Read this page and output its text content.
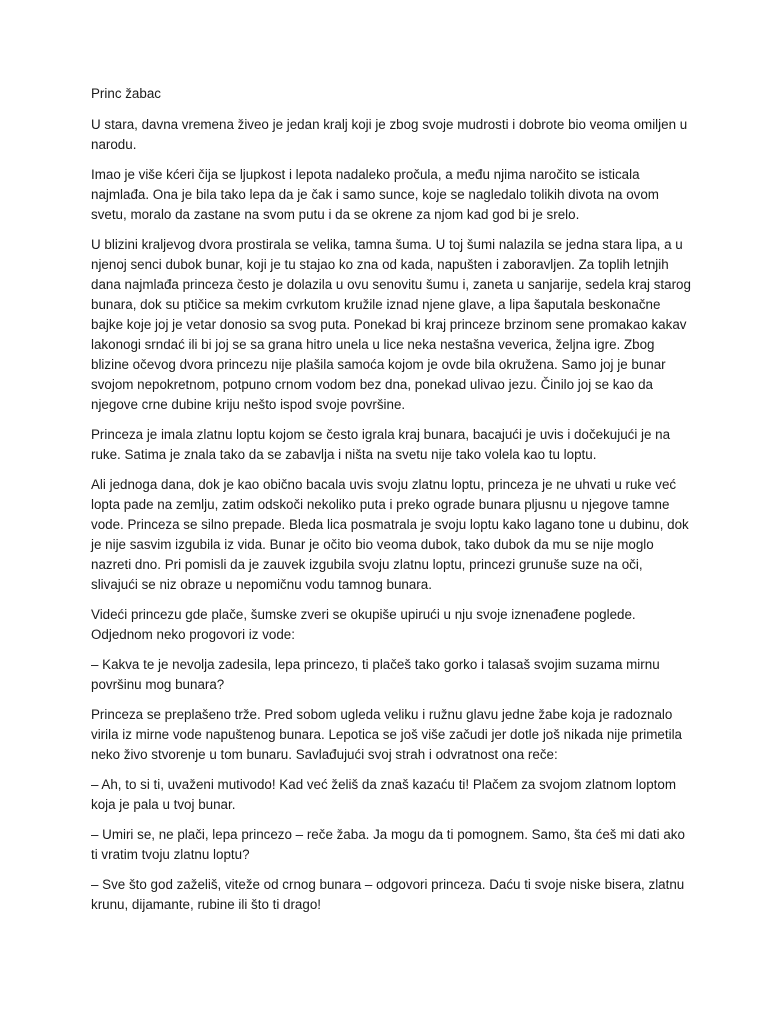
Princ žabac

U stara, davna vremena živeo je jedan kralj koji je zbog svoje mudrosti i dobrote bio veoma omiljen u narodu.

Imao je više kćeri čija se ljupkost i lepota nadaleko pročula, a među njima naročito se isticala najmlađa. Ona je bila tako lepa da je čak i samo sunce, koje se nagledalo tolikih divota na ovom svetu, moralo da zastane na svom putu i da se okrene za njom kad god bi je srelo.

U blizini kraljevog dvora prostirala se velika, tamna šuma. U toj šumi nalazila se jedna stara lipa, a u njenoj senci dubok bunar, koji je tu stajao ko zna od kada, napušten i zaboravljen. Za toplih letnjih dana najmlađa princeza često je dolazila u ovu senovitu šumu i, zaneta u sanjarije, sedela kraj starog bunara, dok su ptičice sa mekim cvrkutom kružile iznad njene glave, a lipa šaputala beskonačne bajke koje joj je vetar donosio sa svog puta. Ponekad bi kraj princeze brzinom sene promakao kakav lakonogi srndać ili bi joj se sa grana hitro unela u lice neka nestašna veverica, željna igre. Zbog blizine očevog dvora princezu nije plašila samoća kojom je ovde bila okružena. Samo joj je bunar svojom nepokretnom, potpuno crnom vodom bez dna, ponekad ulivao jezu. Činilo joj se kao da njegove crne dubine kriju nešto ispod svoje površine.

Princeza je imala zlatnu loptu kojom se često igrala kraj bunara, bacajući je uvis i dočekujući je na ruke. Satima je znala tako da se zabavlja i ništa na svetu nije tako volela kao tu loptu.

Ali jednoga dana, dok je kao obično bacala uvis svoju zlatnu loptu, princeza je ne uhvati u ruke već lopta pade na zemlju, zatim odskoči nekoliko puta i preko ograde bunara pljusnu u njegove tamne vode. Princeza se silno prepade. Bleda lica posmatrala je svoju loptu kako lagano tone u dubinu, dok je nije sasvim izgubila iz vida. Bunar je očito bio veoma dubok, tako dubok da mu se nije moglo nazreti dno. Pri pomisli da je zauvek izgubila svoju zlatnu loptu, princezi grunuše suze na oči, slivajući se niz obraze u nepomičnu vodu tamnog bunara.

Videći princezu gde plače, šumske zveri se okupiše upirući u nju svoje iznenađene poglede. Odjednom neko progovori iz vode:

– Kakva te je nevolja zadesila, lepa princezo, ti plačeš tako gorko i talasaš svojim suzama mirnu površinu mog bunara?

Princeza se preplašeno trže. Pred sobom ugleda veliku i ružnu glavu jedne žabe koja je radoznalo virila iz mirne vode napuštenog bunara. Lepotica se još više začudi jer dotle još nikada nije primetila neko živo stvorenje u tom bunaru. Savlađujući svoj strah i odvratnost ona reče:

– Ah, to si ti, uvaženi mutivodo! Kad već želiš da znaš kazaću ti! Plačem za svojom zlatnom loptom koja je pala u tvoj bunar.

– Umiri se, ne plači, lepa princezo – reče žaba. Ja mogu da ti pomognem. Samo, šta ćeš mi dati ako ti vratim tvoju zlatnu loptu?

– Sve što god zaželiš, viteže od crnog bunara – odgovori princeza. Daću ti svoje niske bisera, zlatnu krunu, dijamante, rubine ili što ti drago!
